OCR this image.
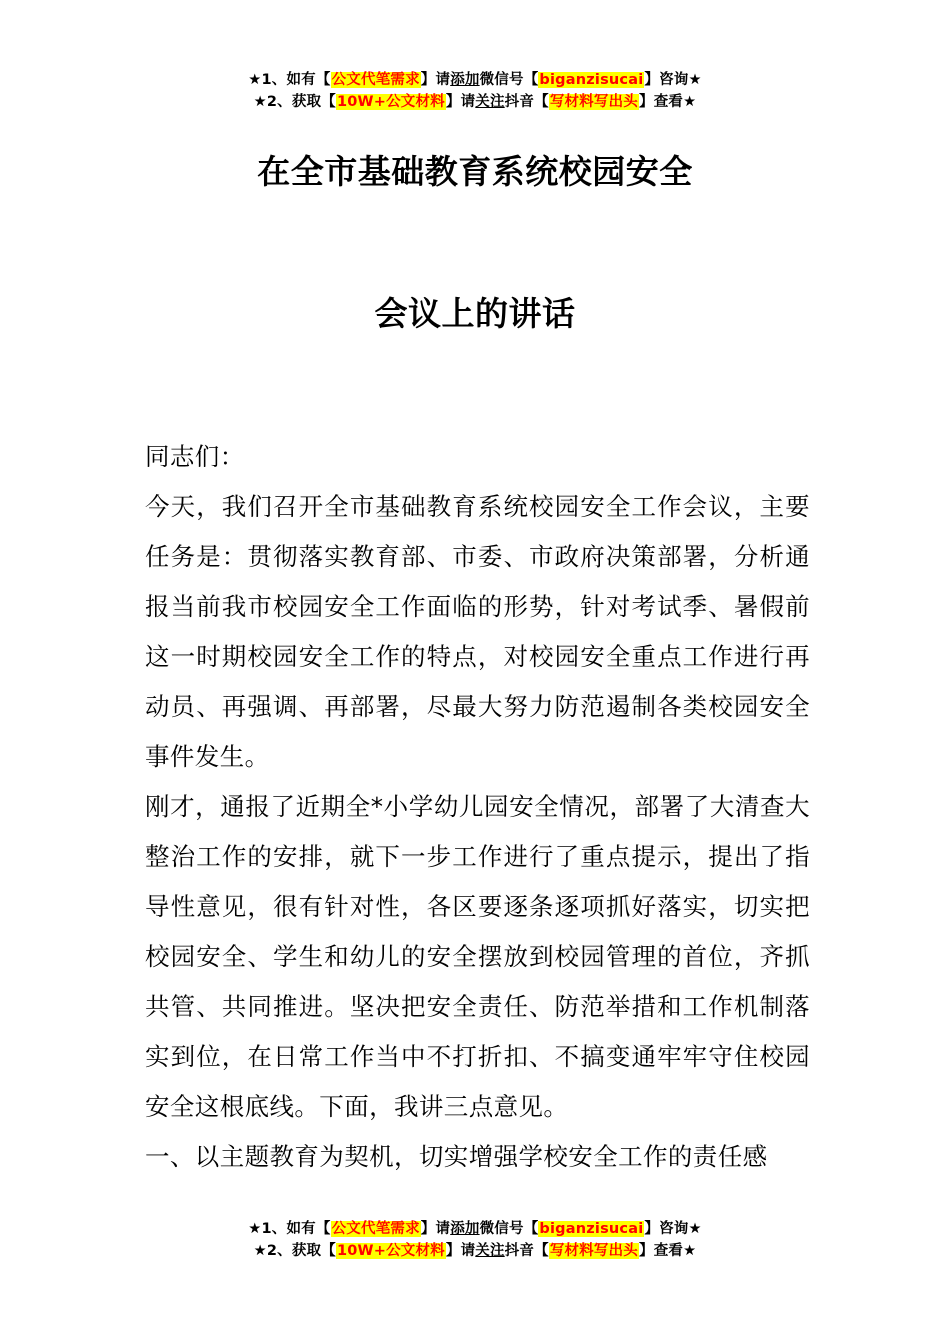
★1、如有【公文代笔需求】请添加微信号【biganzisucai】咨询★
★2、获取【10W+公文材料】请关注抖音【写材料写出头】查看★
在全市基础教育系统校园安全
会议上的讲话

同志们：

今天，我们召开全市基础教育系统校园安全工作会议，主要任务是：贯彻落实教育部、市委、市政府决策部署，分析通报当前我市校园安全工作面临的形势，针对考试季、暑假前这一时期校园安全工作的特点，对校园安全重点工作进行再动员、再强调、再部署，尽最大努力防范遏制各类校园安全事件发生。

刚才，通报了近期全*小学幼儿园安全情况，部署了大清查大整治工作的安排，就下一步工作进行了重点提示，提出了指导性意见，很有针对性，各区要逐条逐项抓好落实，切实把校园安全、学生和幼儿的安全摆放到校园管理的首位，齐抓共管、共同推进。坚决把安全责任、防范举措和工作机制落实到位，在日常工作当中不打折扣、不搞变通牢牢守住校园安全这根底线。下面，我讲三点意见。

一、以主题教育为契机，切实增强学校安全工作的责任感

★1、如有【公文代笔需求】请添加微信号【biganzisucai】咨询★
★2、获取【10W+公文材料】请关注抖音【写材料写出头】查看★
